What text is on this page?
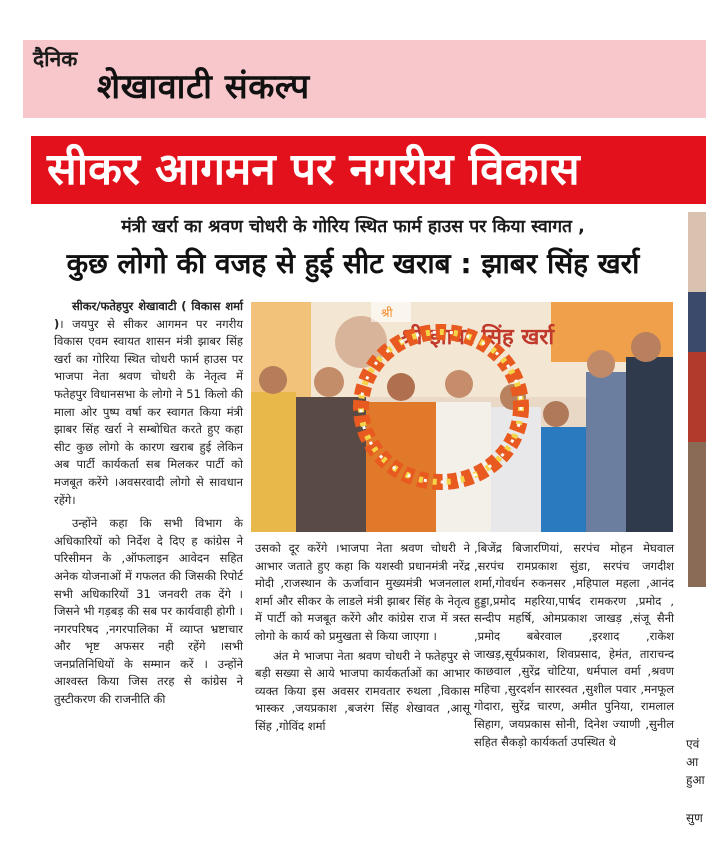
दैनिक
शेखावाटी संकल्प
सीकर आगमन पर नगरीय विकास
मंत्री खर्रा का श्रवण चोधरी के गोरिय स्थित फार्म हाउस पर किया स्वागत ,
कुछ लोगो की वजह से हुई सीट खराब : झाबर सिंह खर्रा
श्री झाबर सिंह खर्रा
श्री

सीकर/फतेहपुर शेखावाटी ( विकास शर्मा )। जयपुर से सीकर आगमन पर नगरीय विकास एवम स्वायत शासन मंत्री झाबर सिंह खर्रा का गोरिया स्थित चोधरी फार्म हाउस पर भाजपा नेता श्रवण चोधरी के नेतृत्व में फतेहपुर विधानसभा के लोगो ने 51 किलो की माला ओर पुष्प वर्षा कर स्वागत किया मंत्री झाबर सिंह खर्रा ने सम्बोधित करते हुए कहा सीट कुछ लोगो के कारण खराब हुई लेकिन अब पार्टी कार्यकर्ता सब मिलकर पार्टी को मजबूत करेंगे ।अवसरवादी लोगो से सावधान रहेंगे।

उन्होंने कहा कि सभी विभाग के अधिकारियों को निर्देश दे दिए ह कांग्रेस ने परिसीमन के ,ऑफलाइन आवेदन सहित अनेक योजनाओं में गफलत की जिसकी रिपोर्ट सभी अधिकारियों 31 जनवरी तक देंगे ।जिसने भी गड़बड़ की सब पर कार्यवाही होगी ।नगरपरिषद ,नगरपालिका में व्याप्त भ्रष्टाचार और भृष्ट अफसर नही रहेंगे ।सभी जनप्रतिनिधियों के सम्मान करें । उन्होंने आश्वस्त किया जिस तरह से कांग्रेस ने तुस्टीकरण की राजनीति की

उसको दूर करेंगे ।भाजपा नेता श्रवण चोधरी ने आभार जताते हुए कहा कि यशस्वी प्रधानमंत्री नरेंद्र मोदी ,राजस्थान के ऊर्जावान मुख्यमंत्री भजनलाल शर्मा और सीकर के लाडले मंत्री झाबर सिंह के नेतृत्व में पार्टी को मजबूत करेंगे और कांग्रेस राज में त्रस्त लोगो के कार्य को प्रमुखता से किया जाएगा ।

अंत मे भाजपा नेता श्रवण चोधरी ने फतेहपुर से बड़ी सख्या से आये भाजपा कार्यकर्ताओं का आभार व्यक्त किया इस अवसर रामवतार रुथला ,विकास भास्कर ,जयप्रकाश ,बजरंग सिंह शेखावत ,आसू सिंह ,गोविंद शर्मा

,बिजेंद्र बिजारणियां, सरपंच मोहन मेघवाल ,सरपंच रामप्रकाश सुंडा, सरपंच जगदीश शर्मा,गोवर्धन रुकनसर ,महिपाल महला ,आनंद हुड्डा,प्रमोद महरिया,पार्षद रामकरण ,प्रमोद , सन्दीप महर्षि, ओमप्रकाश जाखड़ ,संजू सैनी ,प्रमोद बबेरवाल ,इरशाद ,राकेश जाखड़,सूर्यप्रकाश, शिवप्रसाद, हेमंत, ताराचन्द काछवाल ,सुरेंद्र चोटिया, धर्मपाल वर्मा ,श्रवण महिचा ,सुरदर्शन सारस्वत ,सुशील पवार ,मनफूल गोदारा, सुरेंद्र चारण, अमीत पुनिया, रामलाल सिहाग, जयप्रकास सोनी, दिनेश ज्याणी ,सुनील सहित सैकड़ो कार्यकर्ता उपस्थित थे	एवं
आ
हुआ
सुण
